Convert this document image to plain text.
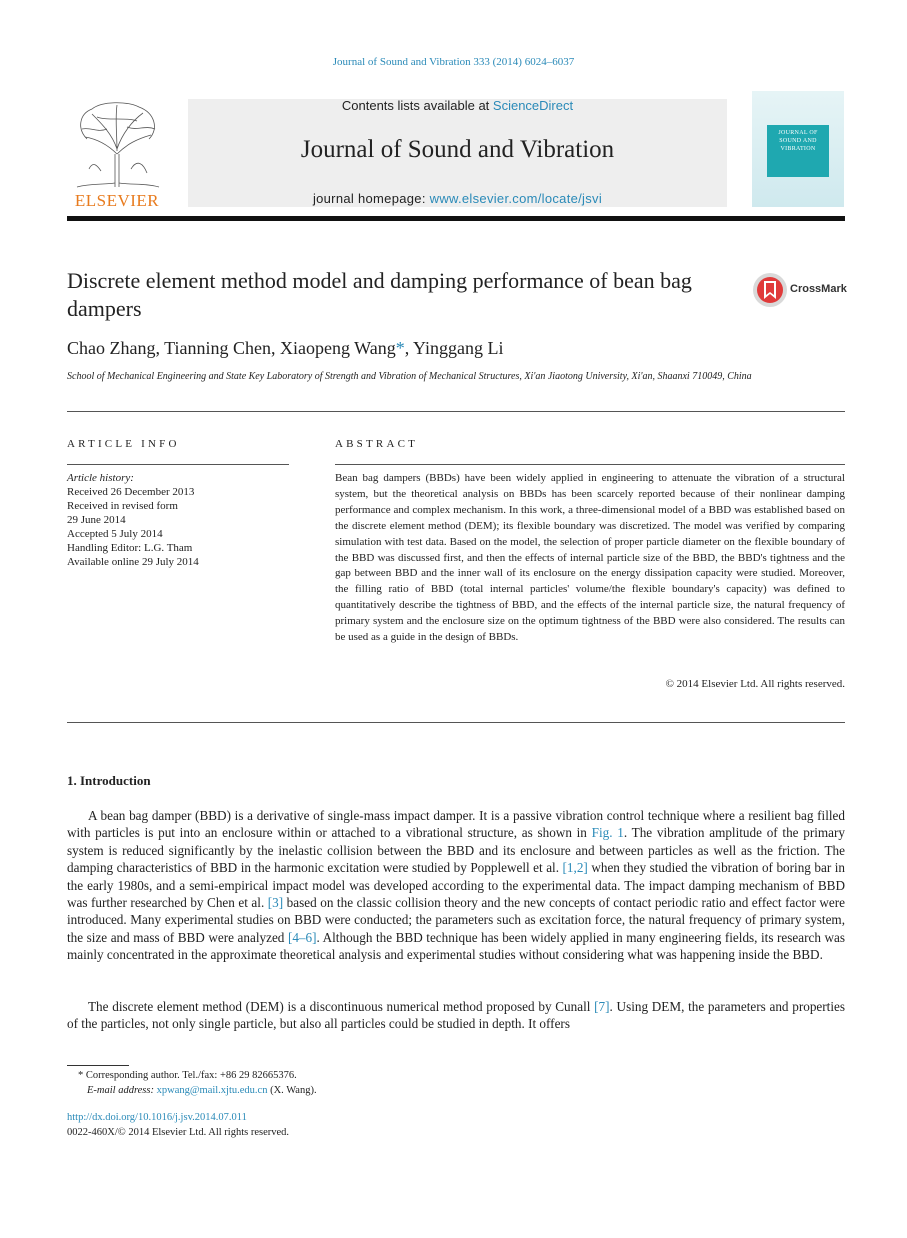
Journal of Sound and Vibration 333 (2014) 6024–6037
ELSEVIER
Contents lists available at ScienceDirect
Journal of Sound and Vibration
journal homepage: www.elsevier.com/locate/jsvi
JOURNAL OF SOUND AND VIBRATION
Discrete element method model and damping performance of bean bag dampers
CrossMark
Chao Zhang, Tianning Chen, Xiaopeng Wang*, Yinggang Li
School of Mechanical Engineering and State Key Laboratory of Strength and Vibration of Mechanical Structures, Xi'an Jiaotong University, Xi'an, Shaanxi 710049, China
ARTICLE INFO
Article history:
Received 26 December 2013
Received in revised form
29 June 2014
Accepted 5 July 2014
Handling Editor: L.G. Tham
Available online 29 July 2014
ABSTRACT
Bean bag dampers (BBDs) have been widely applied in engineering to attenuate the vibration of a structural system, but the theoretical analysis on BBDs has been scarcely reported because of their nonlinear damping performance and complex mechanism. In this work, a three-dimensional model of a BBD was established based on the discrete element method (DEM); its flexible boundary was discretized. The model was verified by comparing simulation with test data. Based on the model, the selection of proper particle diameter on the flexible boundary of the BBD was discussed first, and then the effects of internal particle size of the BBD, the BBD's tightness and the gap between BBD and the inner wall of its enclosure on the energy dissipation capacity were studied. Moreover, the filling ratio of BBD (total internal particles' volume/the flexible boundary's capacity) was defined to quantitatively describe the tightness of BBD, and the effects of the internal particle size, the natural frequency of primary system and the enclosure size on the optimum tightness of the BBD were also considered. The results can be used as a guide in the design of BBDs.
© 2014 Elsevier Ltd. All rights reserved.
1. Introduction
A bean bag damper (BBD) is a derivative of single-mass impact damper. It is a passive vibration control technique where a resilient bag filled with particles is put into an enclosure within or attached to a vibrational structure, as shown in Fig. 1. The vibration amplitude of the primary system is reduced significantly by the inelastic collision between the BBD and its enclosure and between particles as well as the friction. The damping characteristics of BBD in the harmonic excitation were studied by Popplewell et al. [1,2] when they studied the vibration of boring bar in the early 1980s, and a semi-empirical impact model was developed according to the experimental data. The impact damping mechanism of BBD was further researched by Chen et al. [3] based on the classic collision theory and the new concepts of contact periodic ratio and effect factor were introduced. Many experimental studies on BBD were conducted; the parameters such as excitation force, the natural frequency of primary system, the size and mass of BBD were analyzed [4–6]. Although the BBD technique has been widely applied in many engineering fields, its research was mainly concentrated in the approximate theoretical analysis and experimental studies without considering what was happening inside the BBD.
The discrete element method (DEM) is a discontinuous numerical method proposed by Cunall [7]. Using DEM, the parameters and properties of the particles, not only single particle, but also all particles could be studied in depth. It offers
* Corresponding author. Tel./fax: +86 29 82665376.
E-mail address: xpwang@mail.xjtu.edu.cn (X. Wang).
http://dx.doi.org/10.1016/j.jsv.2014.07.011
0022-460X/© 2014 Elsevier Ltd. All rights reserved.
